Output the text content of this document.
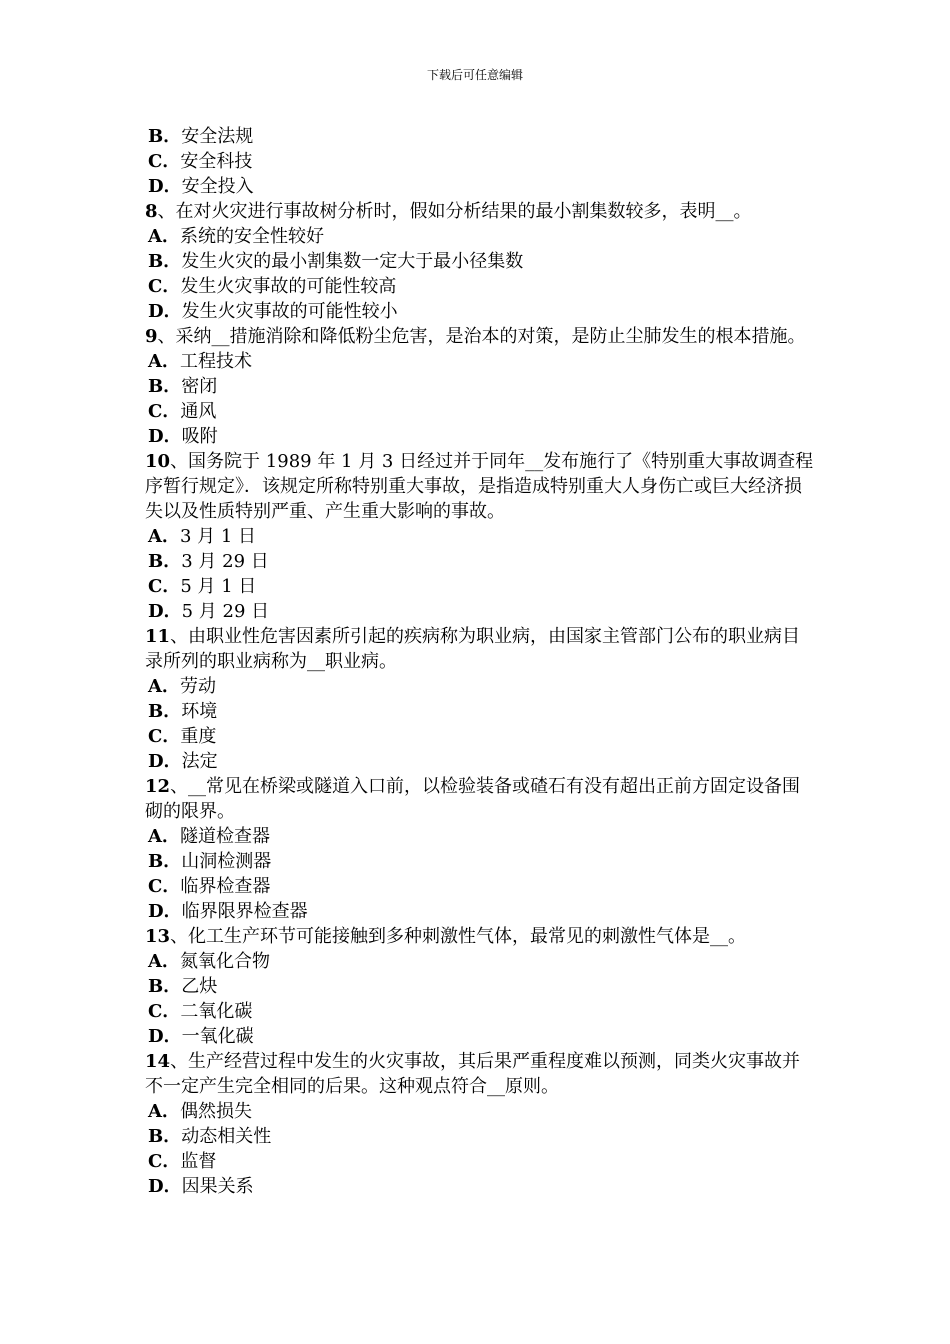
下载后可任意编辑
B．安全法规
C．安全科技
D．安全投入
8、在对火灾进行事故树分析时，假如分析结果的最小割集数较多，表明__。
A．系统的安全性较好
B．发生火灾的最小割集数一定大于最小径集数
C．发生火灾事故的可能性较高
D．发生火灾事故的可能性较小
9、采纳__措施消除和降低粉尘危害，是治本的对策，是防止尘肺发生的根本措施。
A．工程技术
B．密闭
C．通风
D．吸附
10、国务院于 1989 年 1 月 3 日经过并于同年__发布施行了《特别重大事故调查程序暂行规定》．该规定所称特别重大事故，是指造成特别重大人身伤亡或巨大经济损失以及性质特别严重、产生重大影响的事故。
A．3 月 1 日
B．3 月 29 日
C．5 月 1 日
D．5 月 29 日
11、由职业性危害因素所引起的疾病称为职业病，由国家主管部门公布的职业病目录所列的职业病称为__职业病。
A．劳动
B．环境
C．重度
D．法定
12、__常见在桥梁或隧道入口前，以检验装备或碴石有没有超出正前方固定设备围砌的限界。
A．隧道检查器
B．山洞检测器
C．临界检查器
D．临界限界检查器
13、化工生产环节可能接触到多种刺激性气体，最常见的刺激性气体是__。
A．氮氧化合物
B．乙炔
C．二氧化碳
D．一氧化碳
14、生产经营过程中发生的火灾事故，其后果严重程度难以预测，同类火灾事故并不一定产生完全相同的后果。这种观点符合__原则。
A．偶然损失
B．动态相关性
C．监督
D．因果关系
